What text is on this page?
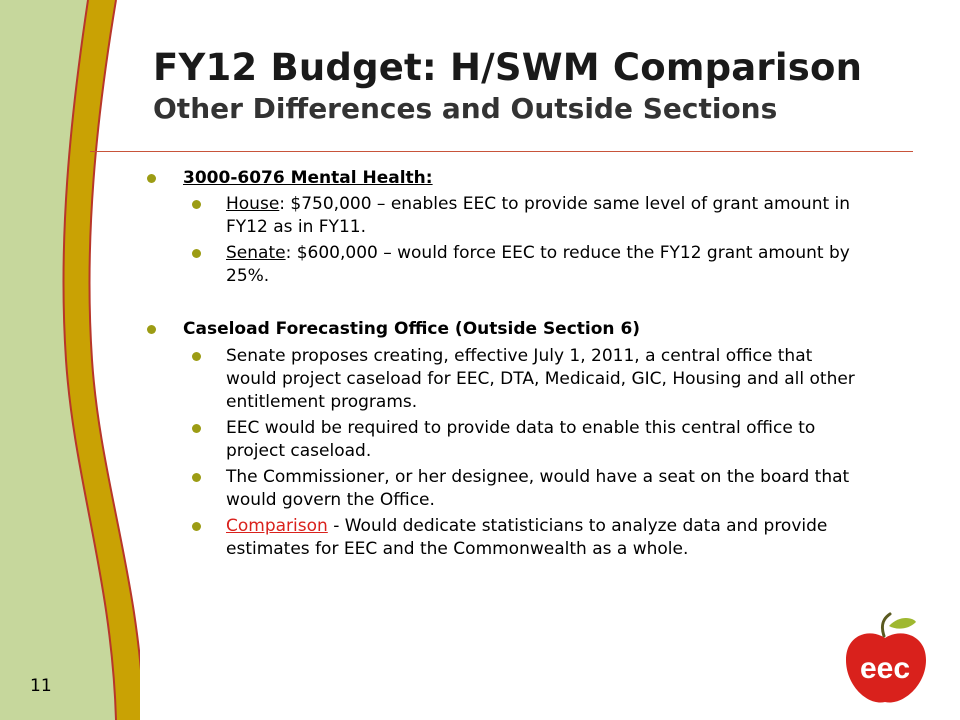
11
FY12 Budget: H/SWM Comparison
Other Differences and Outside Sections
3000-6076 Mental Health:
House: $750,000 – enables EEC to provide same level of grant amount in FY12 as in FY11.
Senate: $600,000 – would force EEC to reduce the FY12 grant amount by 25%.
Caseload Forecasting Office (Outside Section 6)
Senate proposes creating, effective July 1, 2011, a central office that would project caseload for EEC, DTA, Medicaid, GIC, Housing and all other entitlement programs.
EEC would be required to provide data to enable this central office to project caseload.
The Commissioner, or her designee, would have a seat on the board that would govern the Office.
Comparison - Would dedicate statisticians to analyze data and provide estimates for EEC and the Commonwealth as a whole.
eec
